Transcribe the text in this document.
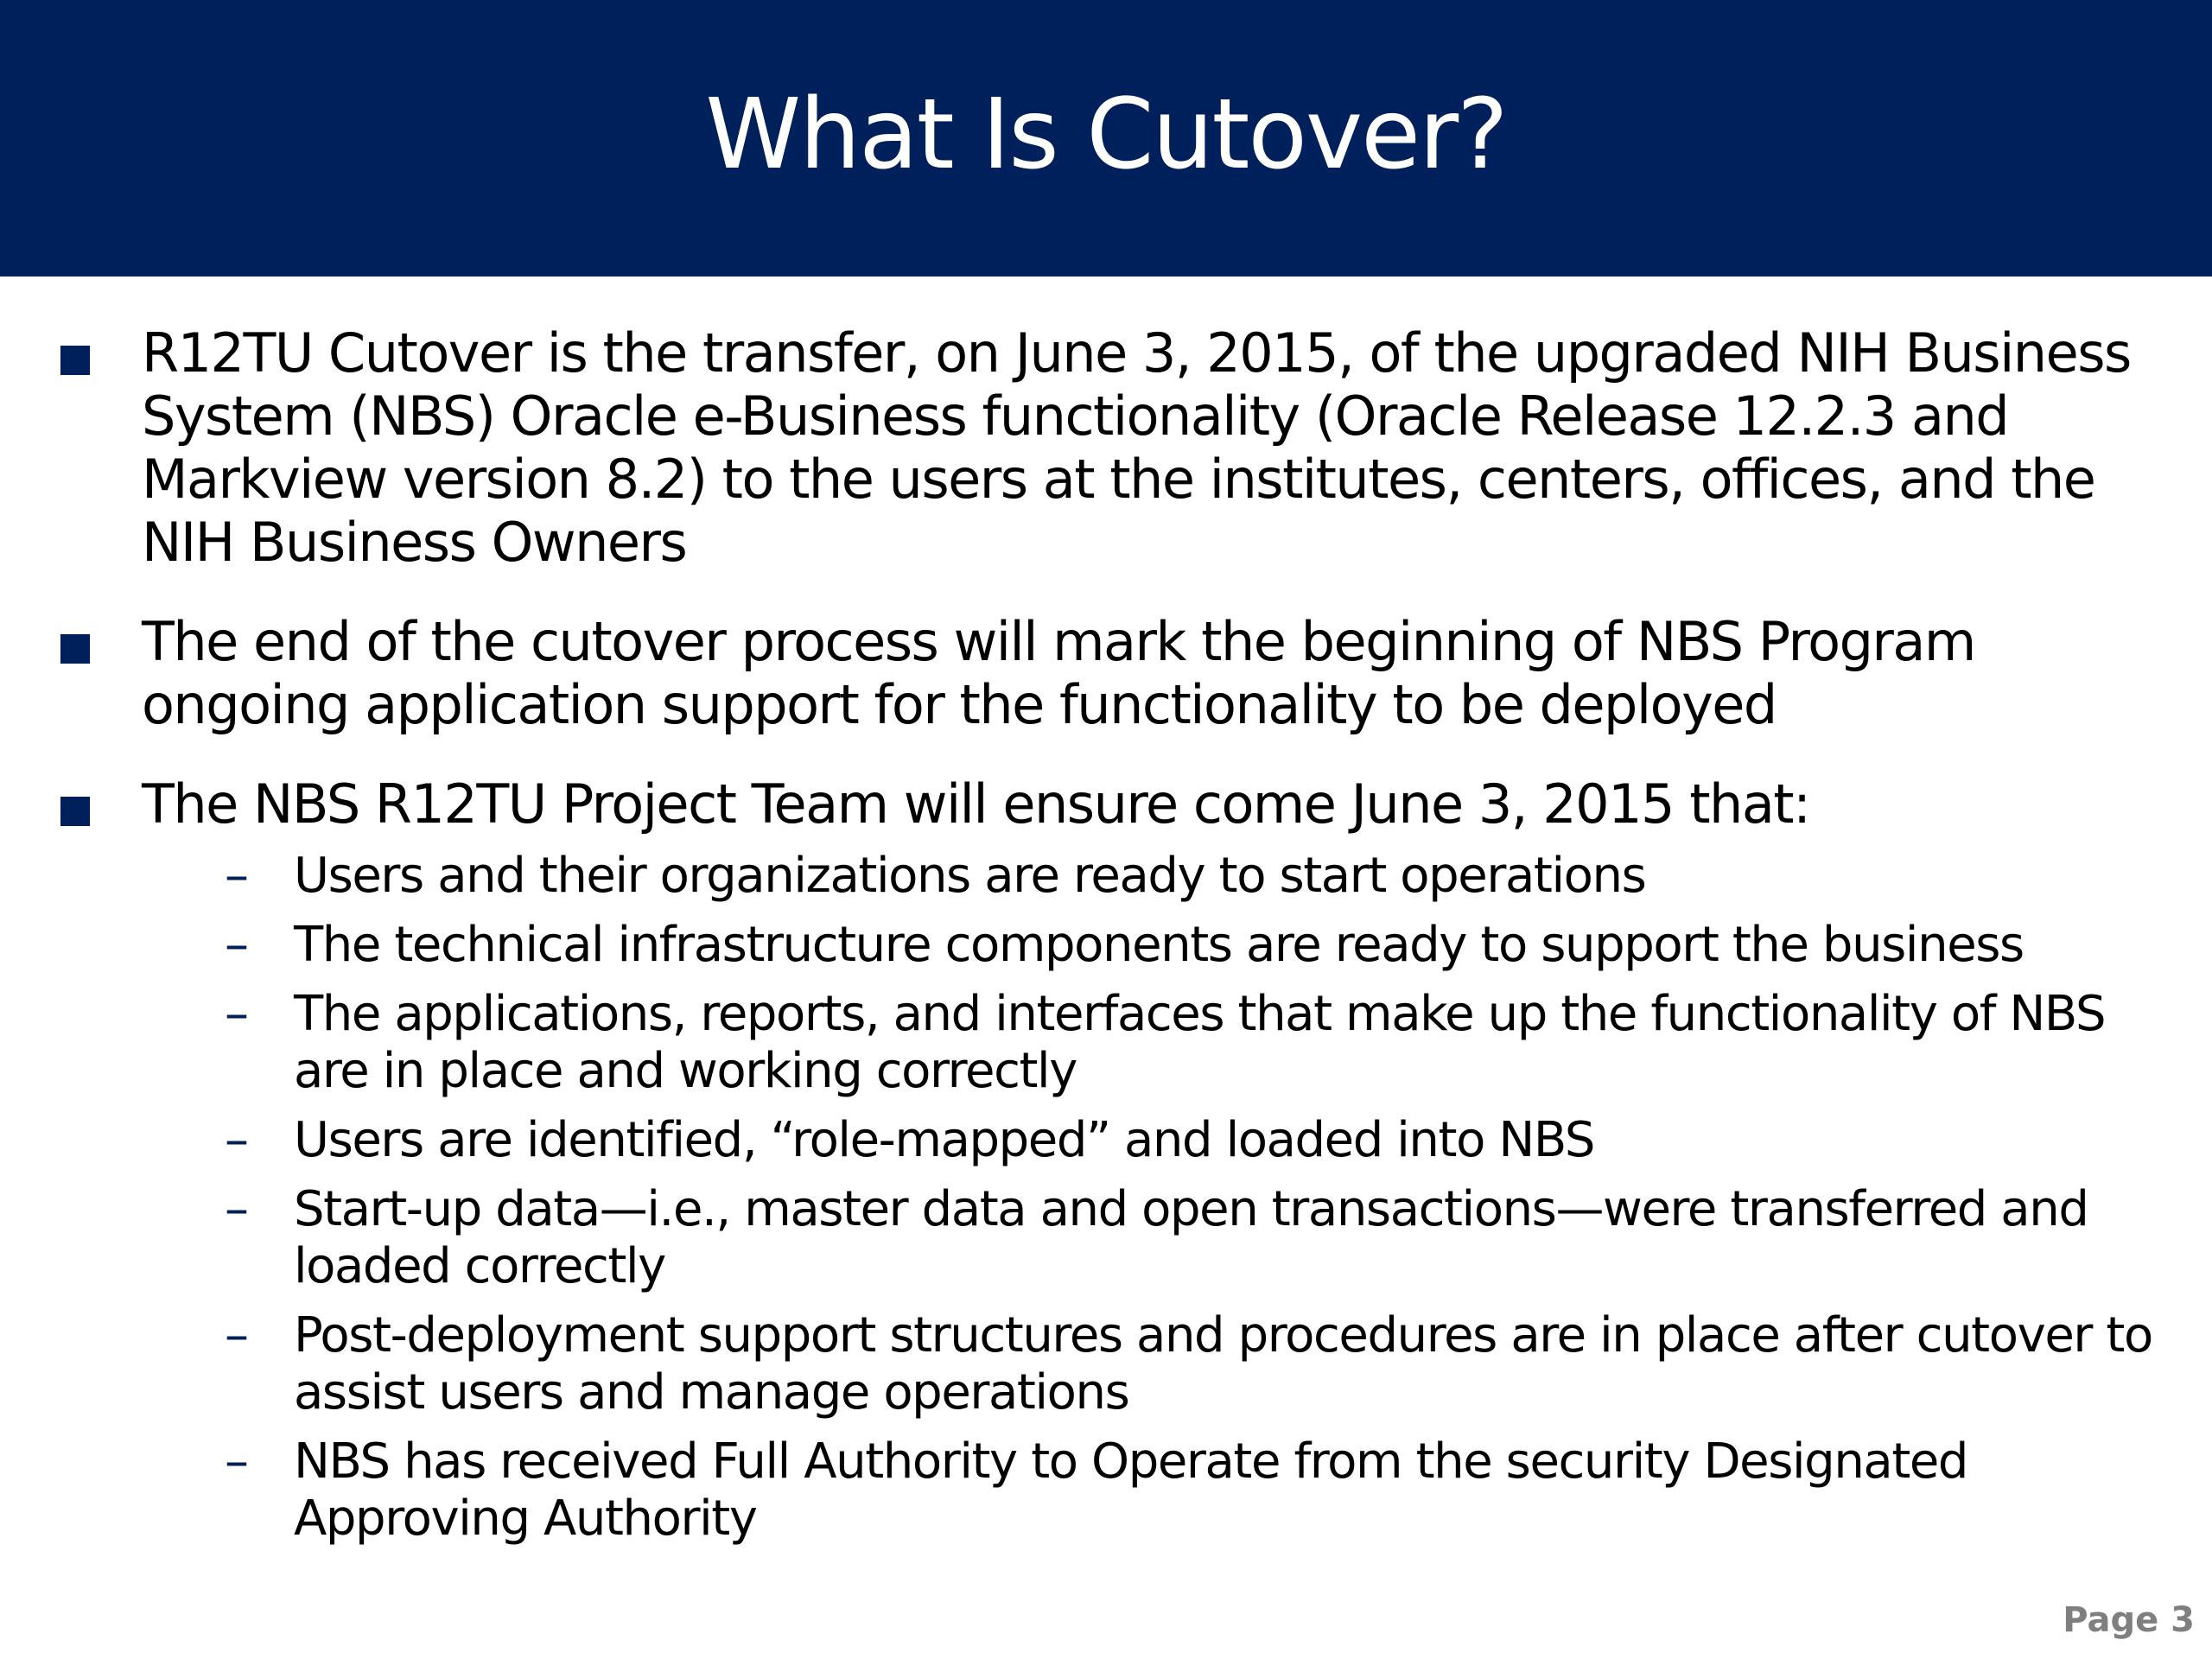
What Is Cutover?
R12TU Cutover is the transfer, on June 3, 2015, of the upgraded NIH Business System (NBS) Oracle e-Business functionality (Oracle Release 12.2.3 and Markview version 8.2) to the users at the institutes, centers, offices, and the NIH Business Owners
The end of the cutover process will mark the beginning of NBS Program ongoing application support for the functionality to be deployed
The NBS R12TU Project Team will ensure come June 3, 2015 that:
– Users and their organizations are ready to start operations
– The technical infrastructure components are ready to support the business
– The applications, reports, and interfaces that make up the functionality of NBS are in place and working correctly
– Users are identified, “role-mapped” and loaded into NBS
– Start-up data—i.e., master data and open transactions—were transferred and loaded correctly
– Post-deployment support structures and procedures are in place after cutover to assist users and manage operations
– NBS has received Full Authority to Operate from the security Designated Approving Authority
Page 3
